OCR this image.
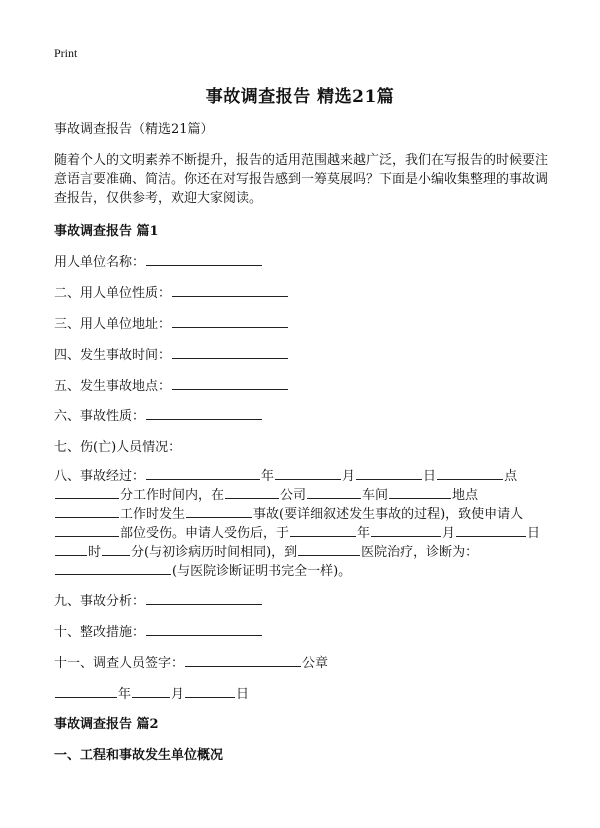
Print
事故调查报告 精选21篇
事故调查报告（精选21篇）
随着个人的文明素养不断提升，报告的适用范围越来越广泛，我们在写报告的时候要注意语言要准确、简洁。你还在对写报告感到一筹莫展吗？下面是小编收集整理的事故调查报告，仅供参考，欢迎大家阅读。
事故调查报告 篇1
用人单位名称：
二、用人单位性质：
三、用人单位地址：
四、发生事故时间：
五、发生事故地点：
六、事故性质：
七、伤(亡)人员情况：
八、事故经过：	年	月	日	点
分工作时间内，在	公司	车间	地点
工作时发生	事故(要详细叙述发生事故的过程)，致使申请人
部位受伤。申请人受伤后，于	年	月	日
时 分(与初诊病历时间相同)，到	医院治疗，诊断为：
(与医院诊断证明书完全一样)。
九、事故分析：
十、整改措施：
十一、调查人员签字：	公章
年	月	日
事故调查报告 篇2
一、工程和事故发生单位概况
